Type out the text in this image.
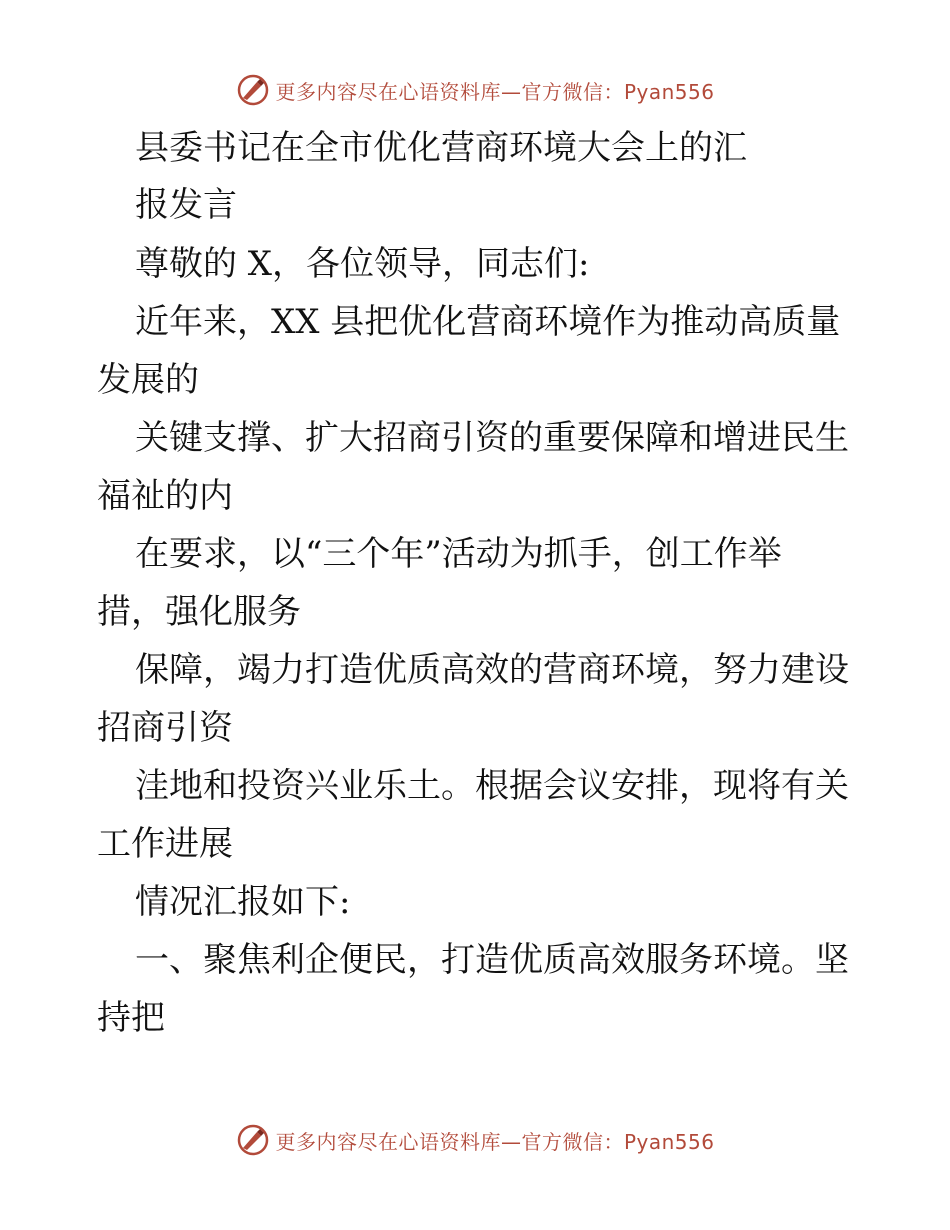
更多内容尽在心语资料库—官方微信：Pyan556
县委书记在全市优化营商环境大会上的汇
报发言
尊敬的 X，各位领导，同志们:
近年来，XX 县把优化营商环境作为推动高质量
发展的
关键支撑、扩大招商引资的重要保障和增进民生
福祉的内
在要求，以“三个年”活动为抓手，创工作举
措，强化服务
保障，竭力打造优质高效的营商环境，努力建设
招商引资
洼地和投资兴业乐土。根据会议安排，现将有关
工作进展
情况汇报如下:
一、聚焦利企便民，打造优质高效服务环境。坚
持把
更多内容尽在心语资料库—官方微信：Pyan556
